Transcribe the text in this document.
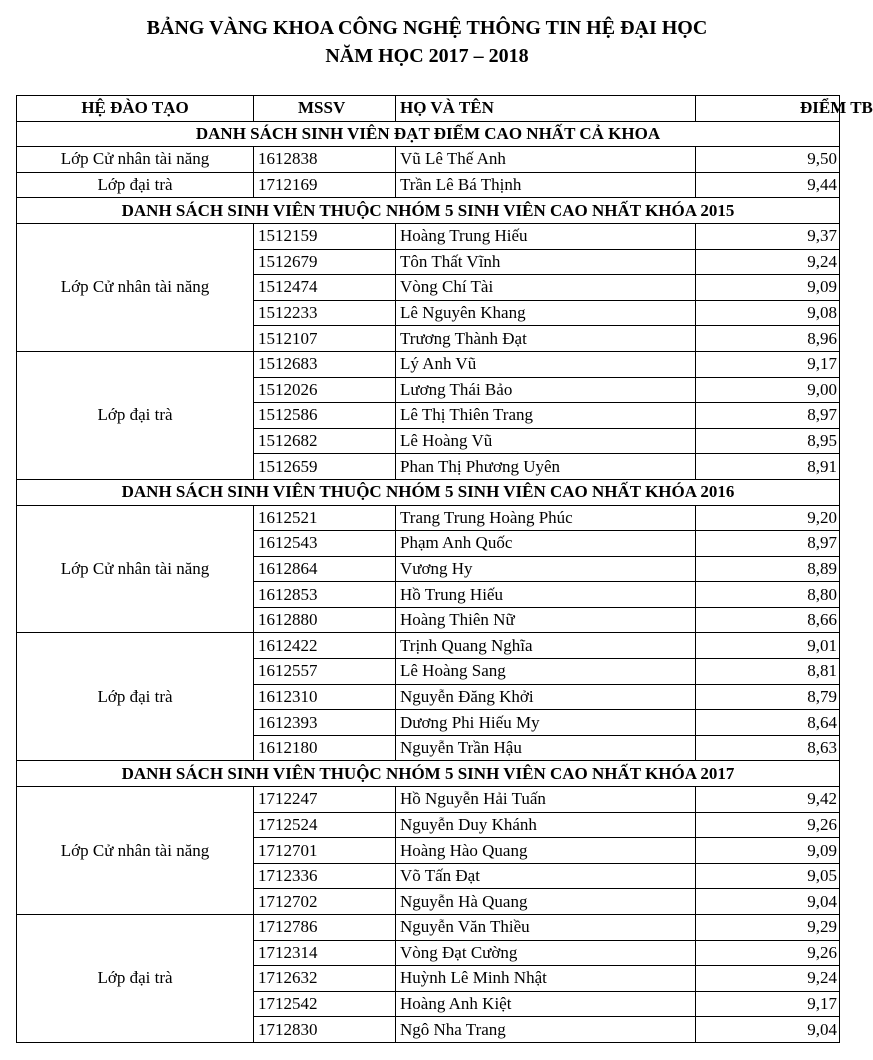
BẢNG VÀNG KHOA CÔNG NGHỆ THÔNG TIN HỆ ĐẠI HỌC
NĂM HỌC 2017 – 2018
HỆ ĐÀO TẠO	MSSV	HỌ VÀ TÊN	ĐIỂM TB
DANH SÁCH SINH VIÊN ĐẠT ĐIỂM CAO NHẤT CẢ KHOA			
Lớp Cử nhân tài năng	1612838	Vũ Lê Thế Anh	9,50
Lớp đại trà	1712169	Trần Lê Bá Thịnh	9,44
DANH SÁCH SINH VIÊN THUỘC NHÓM 5 SINH VIÊN CAO NHẤT KHÓA 2015			
Lớp Cử nhân tài năng	1512159	Hoàng Trung Hiếu	9,37
	1512679	Tôn Thất Vĩnh	9,24
	1512474	Vòng Chí Tài	9,09
	1512233	Lê Nguyên Khang	9,08
	1512107	Trương Thành Đạt	8,96
Lớp đại trà	1512683	Lý Anh Vũ	9,17
	1512026	Lương Thái Bảo	9,00
	1512586	Lê Thị Thiên Trang	8,97
	1512682	Lê Hoàng Vũ	8,95
	1512659	Phan Thị Phương Uyên	8,91
DANH SÁCH SINH VIÊN THUỘC NHÓM 5 SINH VIÊN CAO NHẤT KHÓA 2016			
Lớp Cử nhân tài năng	1612521	Trang Trung Hoàng Phúc	9,20
	1612543	Phạm Anh Quốc	8,97
	1612864	Vương Hy	8,89
	1612853	Hồ Trung Hiếu	8,80
	1612880	Hoàng Thiên Nữ	8,66
Lớp đại trà	1612422	Trịnh Quang Nghĩa	9,01
	1612557	Lê Hoàng Sang	8,81
	1612310	Nguyễn Đăng Khởi	8,79
	1612393	Dương Phi Hiếu My	8,64
	1612180	Nguyễn Trần Hậu	8,63
DANH SÁCH SINH VIÊN THUỘC NHÓM 5 SINH VIÊN CAO NHẤT KHÓA 2017			
Lớp Cử nhân tài năng	1712247	Hồ Nguyễn Hải Tuấn	9,42
	1712524	Nguyễn Duy Khánh	9,26
	1712701	Hoàng Hào Quang	9,09
	1712336	Võ Tấn Đạt	9,05
	1712702	Nguyễn Hà Quang	9,04
Lớp đại trà	1712786	Nguyễn Văn Thiều	9,29
	1712314	Vòng Đạt Cường	9,26
	1712632	Huỳnh Lê Minh Nhật	9,24
	1712542	Hoàng Anh Kiệt	9,17
	1712830	Ngô Nha Trang	9,04
